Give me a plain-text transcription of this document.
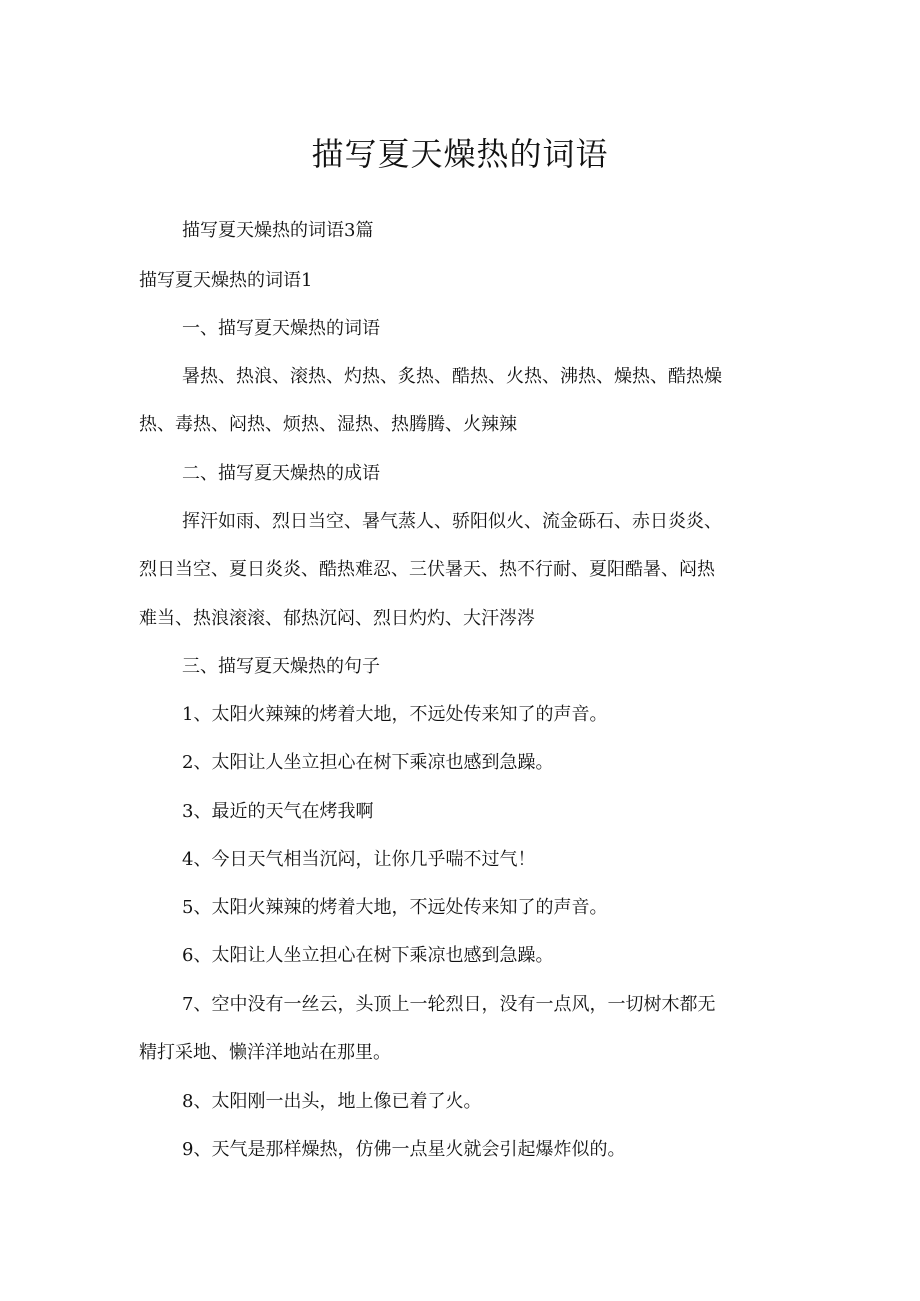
描写夏天燥热的词语
描写夏天燥热的词语3篇
描写夏天燥热的词语1
一、描写夏天燥热的词语
暑热、热浪、滚热、灼热、炙热、酷热、火热、沸热、燥热、酷热燥
热、毒热、闷热、烦热、湿热、热腾腾、火辣辣
二、描写夏天燥热的成语
挥汗如雨、烈日当空、暑气蒸人、骄阳似火、流金砾石、赤日炎炎、
烈日当空、夏日炎炎、酷热难忍、三伏暑天、热不行耐、夏阳酷暑、闷热
难当、热浪滚滚、郁热沉闷、烈日灼灼、大汗涔涔
三、描写夏天燥热的句子
1、太阳火辣辣的烤着大地，不远处传来知了的声音。
2、太阳让人坐立担心在树下乘凉也感到急躁。
3、最近的天气在烤我啊
4、今日天气相当沉闷，让你几乎喘不过气！
5、太阳火辣辣的烤着大地，不远处传来知了的声音。
6、太阳让人坐立担心在树下乘凉也感到急躁。
7、空中没有一丝云，头顶上一轮烈日，没有一点风，一切树木都无
精打采地、懒洋洋地站在那里。
8、太阳刚一出头，地上像已着了火。
9、天气是那样燥热，仿佛一点星火就会引起爆炸似的。
